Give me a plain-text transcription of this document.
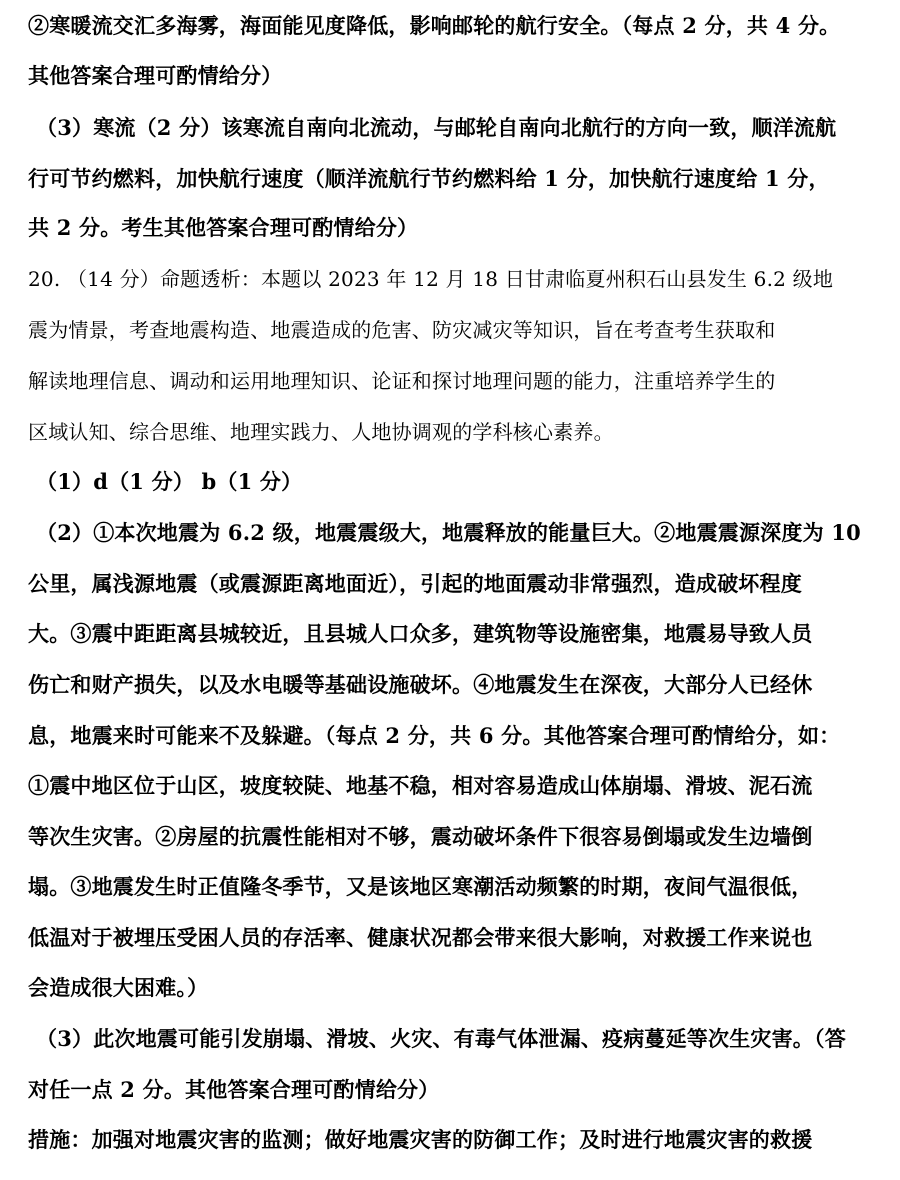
②寒暖流交汇多海雾，海面能见度降低，影响邮轮的航行安全。（每点 2 分，共 4 分。
其他答案合理可酌情给分）
（3）寒流（2 分）该寒流自南向北流动，与邮轮自南向北航行的方向一致，顺洋流航
行可节约燃料，加快航行速度（顺洋流航行节约燃料给 1 分，加快航行速度给 1 分，
共 2 分。考生其他答案合理可酌情给分）
20. （14 分）命题透析：本题以 2023 年 12 月 18 日甘肃临夏州积石山县发生 6.2 级地
震为情景，考查地震构造、地震造成的危害、防灾减灾等知识，旨在考查考生获取和
解读地理信息、调动和运用地理知识、论证和探讨地理问题的能力，注重培养学生的
区域认知、综合思维、地理实践力、人地协调观的学科核心素养。
（1）d（1 分） b（1 分）
（2）①本次地震为 6.2 级，地震震级大，地震释放的能量巨大。②地震震源深度为 10
公里，属浅源地震（或震源距离地面近），引起的地面震动非常强烈，造成破坏程度
大。③震中距距离县城较近，且县城人口众多，建筑物等设施密集，地震易导致人员
伤亡和财产损失，以及水电暖等基础设施破坏。④地震发生在深夜，大部分人已经休
息，地震来时可能来不及躲避。（每点 2 分，共 6 分。其他答案合理可酌情给分，如：
①震中地区位于山区，坡度较陡、地基不稳，相对容易造成山体崩塌、滑坡、泥石流
等次生灾害。②房屋的抗震性能相对不够，震动破坏条件下很容易倒塌或发生边墙倒
塌。③地震发生时正值隆冬季节，又是该地区寒潮活动频繁的时期，夜间气温很低，
低温对于被埋压受困人员的存活率、健康状况都会带来很大影响，对救援工作来说也
会造成很大困难。）
（3）此次地震可能引发崩塌、滑坡、火灾、有毒气体泄漏、疫病蔓延等次生灾害。（答
对任一点 2 分。其他答案合理可酌情给分）
措施：加强对地震灾害的监测；做好地震灾害的防御工作；及时进行地震灾害的救援
